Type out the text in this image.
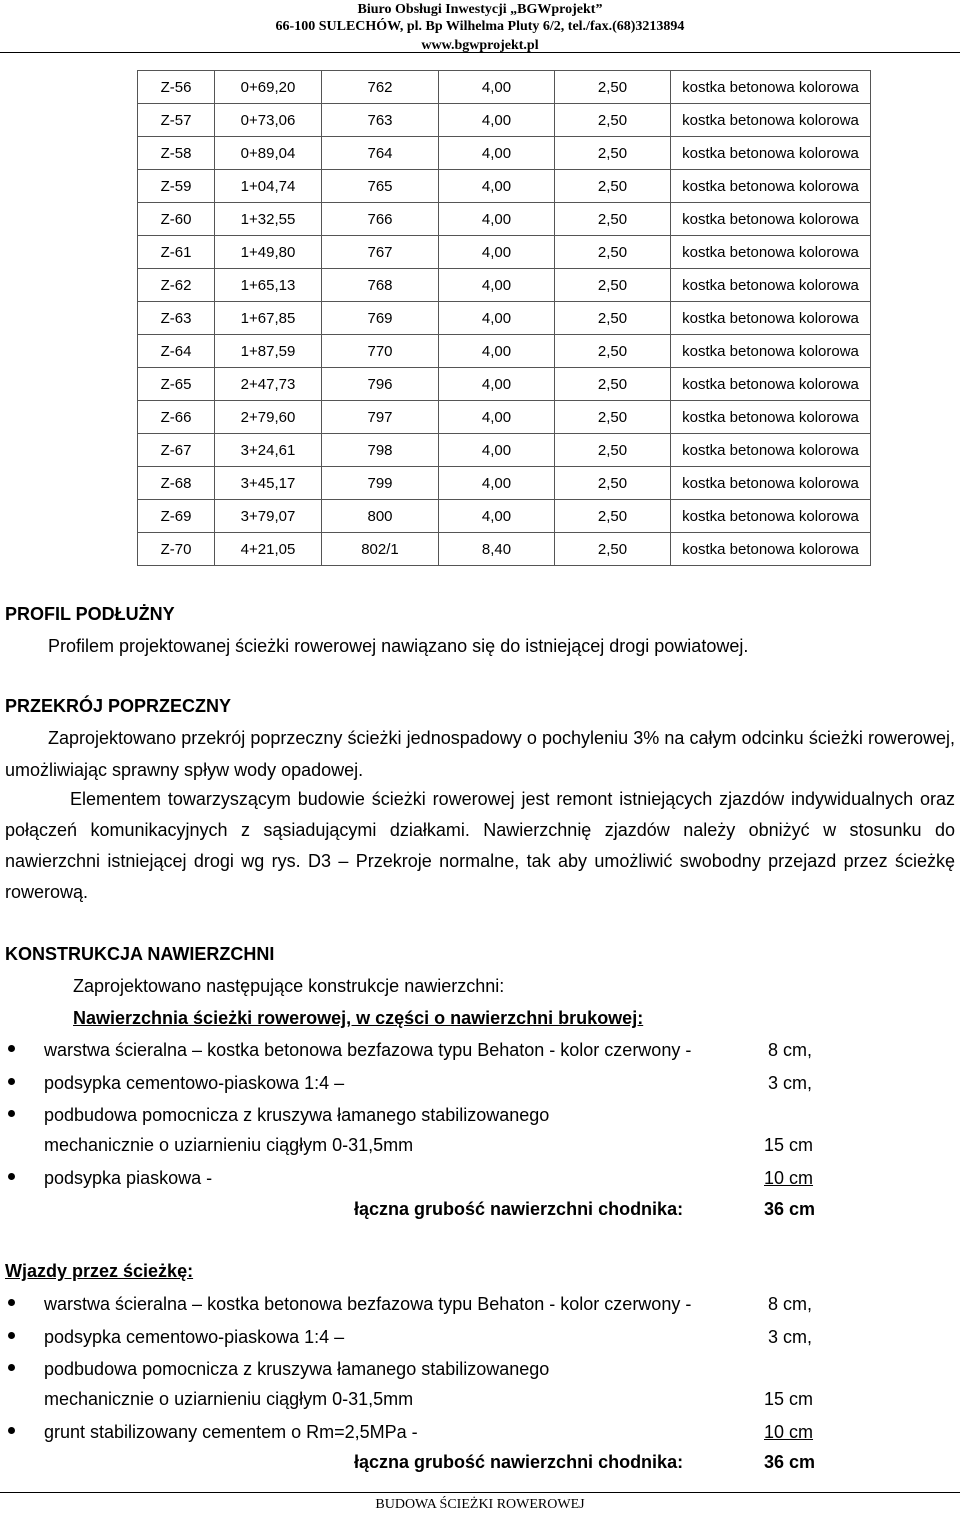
Biuro Obsługi Inwestycji „BGWprojekt”
66-100 SULECHÓW, pl. Bp Wilhelma Pluty 6/2, tel./fax.(68)3213894
www.bgwprojekt.pl
Z-56	0+69,20	762	4,00	2,50	kostka betonowa kolorowa
Z-57	0+73,06	763	4,00	2,50	kostka betonowa kolorowa
Z-58	0+89,04	764	4,00	2,50	kostka betonowa kolorowa
Z-59	1+04,74	765	4,00	2,50	kostka betonowa kolorowa
Z-60	1+32,55	766	4,00	2,50	kostka betonowa kolorowa
Z-61	1+49,80	767	4,00	2,50	kostka betonowa kolorowa
Z-62	1+65,13	768	4,00	2,50	kostka betonowa kolorowa
Z-63	1+67,85	769	4,00	2,50	kostka betonowa kolorowa
Z-64	1+87,59	770	4,00	2,50	kostka betonowa kolorowa
Z-65	2+47,73	796	4,00	2,50	kostka betonowa kolorowa
Z-66	2+79,60	797	4,00	2,50	kostka betonowa kolorowa
Z-67	3+24,61	798	4,00	2,50	kostka betonowa kolorowa
Z-68	3+45,17	799	4,00	2,50	kostka betonowa kolorowa
Z-69	3+79,07	800	4,00	2,50	kostka betonowa kolorowa
Z-70	4+21,05	802/1	8,40	2,50	kostka betonowa kolorowa
PROFIL PODŁUŻNY
Profilem projektowanej ścieżki rowerowej nawiązano się do istniejącej drogi powiatowej.
PRZEKRÓJ POPRZECZNY
Zaprojektowano przekrój poprzeczny ścieżki jednospadowy o pochyleniu 3% na całym odcinku ścieżki rowerowej, umożliwiając sprawny spływ wody opadowej.
Elementem towarzyszącym budowie ścieżki rowerowej jest remont istniejących zjazdów indywidualnych oraz połączeń komunikacyjnych z sąsiadującymi działkami. Nawierzchnię zjazdów należy obniżyć w stosunku do nawierzchni istniejącej drogi wg rys. D3 – Przekroje normalne, tak aby umożliwić swobodny przejazd przez ścieżkę rowerową.
KONSTRUKCJA NAWIERZCHNI
Zaprojektowano następujące konstrukcje nawierzchni:
Nawierzchnia ścieżki rowerowej, w części o nawierzchni brukowej:
warstwa ścieralna – kostka betonowa bezfazowa typu Behaton - kolor czerwony -	8 cm,
podsypka cementowo-piaskowa 1:4 –	3 cm,
podbudowa pomocnicza z kruszywa łamanego stabilizowanego
mechanicznie o uziarnieniu ciągłym 0-31,5mm	15 cm
podsypka piaskowa -	10 cm
łączna grubość nawierzchni chodnika:	36 cm
Wjazdy przez ścieżkę:
warstwa ścieralna – kostka betonowa bezfazowa typu Behaton - kolor czerwony -	8 cm,
podsypka cementowo-piaskowa 1:4 –	3 cm,
podbudowa pomocnicza z kruszywa łamanego stabilizowanego
mechanicznie o uziarnieniu ciągłym 0-31,5mm	15 cm
grunt stabilizowany cementem o Rm=2,5MPa -	10 cm
łączna grubość nawierzchni chodnika:	36 cm
BUDOWA ŚCIEŻKI ROWEROWEJ
